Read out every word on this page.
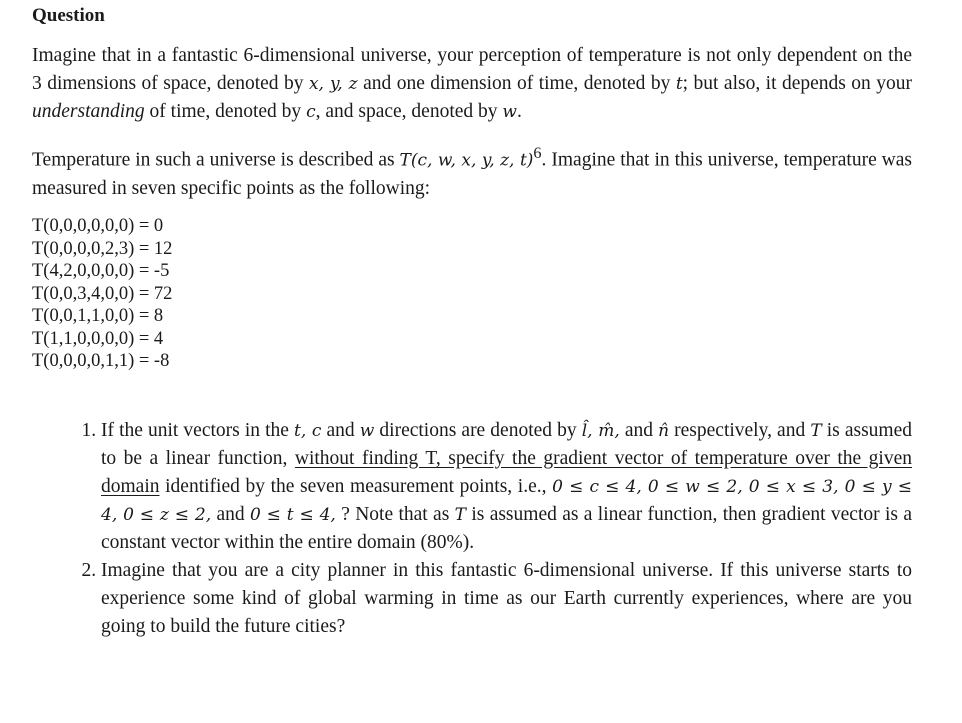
Question

Imagine that in a fantastic 6-dimensional universe, your perception of temperature is not only dependent on the 3 dimensions of space, denoted by x, y, z and one dimension of time, denoted by t; but also, it depends on your understanding of time, denoted by c, and space, denoted by w.

Temperature in such a universe is described as T(c, w, x, y, z, t)$^6$. Imagine that in this universe, temperature was measured in seven specific points as the following:

T(0,0,0,0,0,0) = 0
T(0,0,0,0,2,3) = 12
T(4,2,0,0,0,0) = -5
T(0,0,3,4,0,0) = 72
T(0,0,1,1,0,0) = 8
T(1,1,0,0,0,0) = 4
T(0,0,0,0,1,1) = -8
1. If the unit vectors in the t, c and w directions are denoted by l̂, m̂, and n̂ respectively, and T is assumed to be a linear function, without finding T, specify the gradient vector of temperature over the given domain identified by the seven measurement points, i.e., 0 ≤ c ≤ 4, 0 ≤ w ≤ 2, 0 ≤ x ≤ 3, 0 ≤ y ≤ 4, 0 ≤ z ≤ 2, and 0 ≤ t ≤ 4, ? Note that as T is assumed as a linear function, then gradient vector is a constant vector within the entire domain (80%).
2. Imagine that you are a city planner in this fantastic 6-dimensional universe. If this universe starts to experience some kind of global warming in time as our Earth currently experiences, where are you going to build the future cities?
